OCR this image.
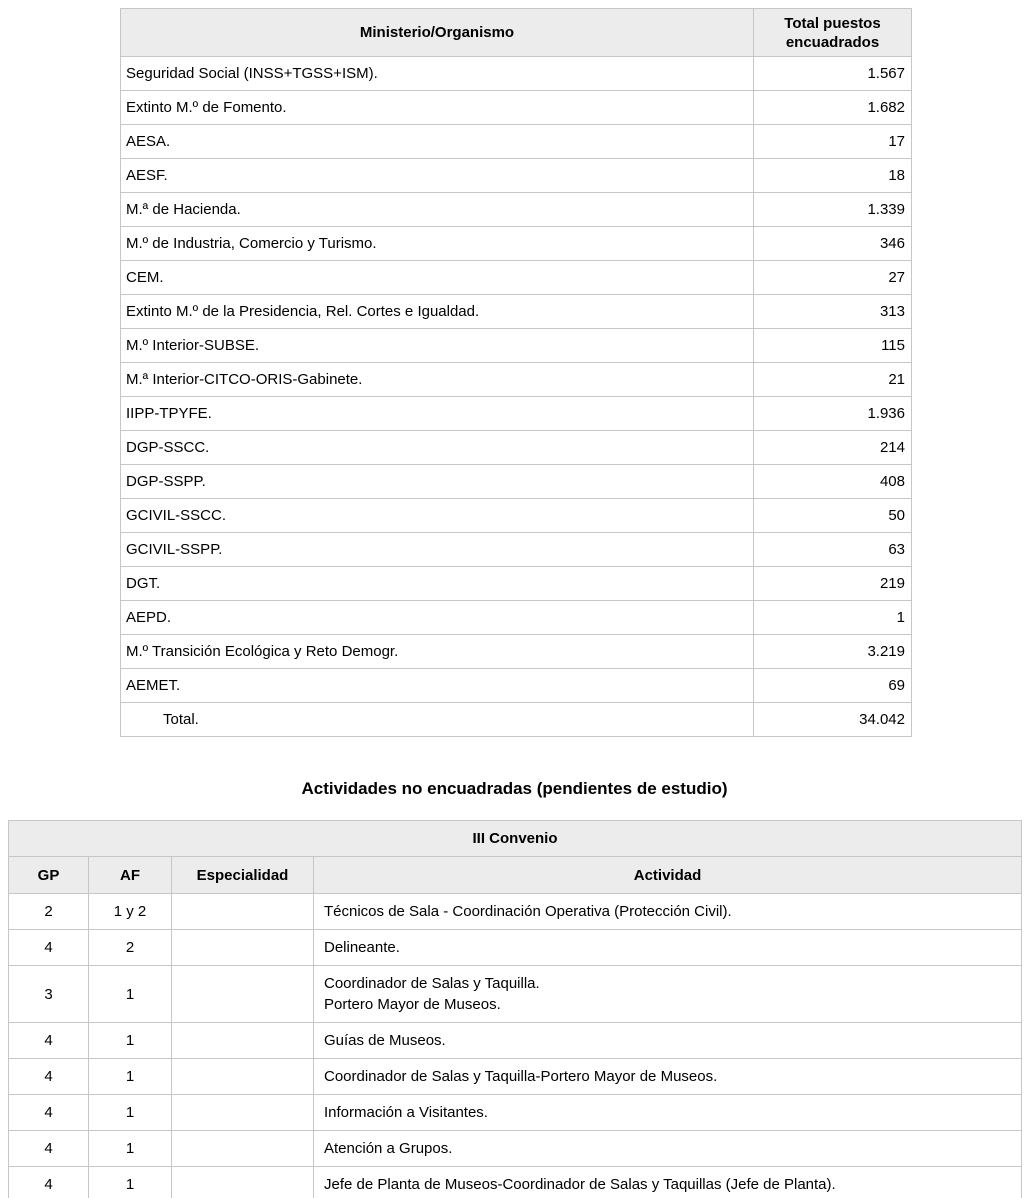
Ministerio/Organismo	Total puestos encuadrados
Seguridad Social (INSS+TGSS+ISM).	1.567
Extinto M.º de Fomento.	1.682
AESA.	17
AESF.	18
M.ª de Hacienda.	1.339
M.º de Industria, Comercio y Turismo.	346
CEM.	27
Extinto M.º de la Presidencia, Rel. Cortes e Igualdad.	313
M.º Interior-SUBSE.	115
M.ª Interior-CITCO-ORIS-Gabinete.	21
IIPP-TPYFE.	1.936
DGP-SSCC.	214
DGP-SSPP.	408
GCIVIL-SSCC.	50
GCIVIL-SSPP.	63
DGT.	219
AEPD.	1
M.º Transición Ecológica y Reto Demogr.	3.219
AEMET.	69
Total.	34.042
Actividades no encuadradas (pendientes de estudio)
III Convenio			
GP	AF	Especialidad	Actividad
2	1 y 2		Técnicos de Sala - Coordinación Operativa (Protección Civil).

4	2		Delineante.

3	1		Coordinador de Salas y Taquilla.
Portero Mayor de Museos.

4	1		Guías de Museos.

4	1		Coordinador de Salas y Taquilla-Portero Mayor de Museos.

4	1		Información a Visitantes.

4	1		Atención a Grupos.

4	1		Jefe de Planta de Museos-Coordinador de Salas y Taquillas (Jefe de Planta).
